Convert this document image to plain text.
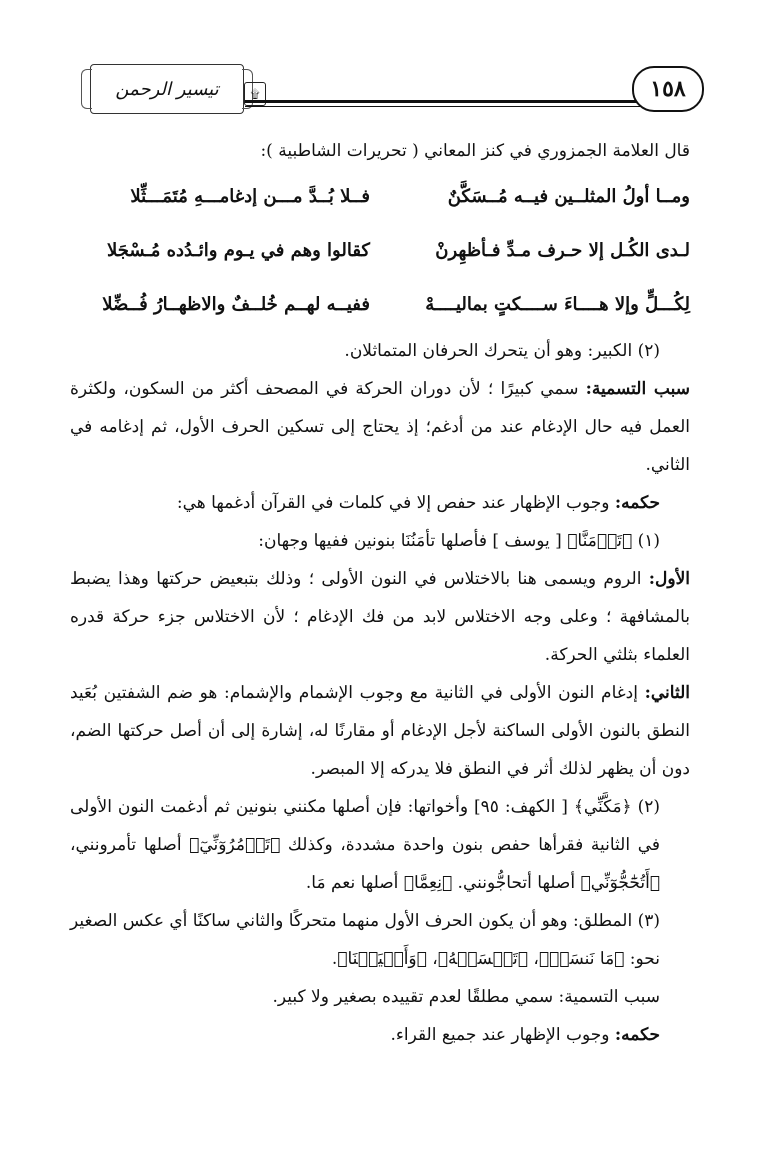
تيسير الرحمن	۩	١٥٨

قال العلامة الجمزوري في كنز المعاني ( تحريرات الشاطبية ):

ومــا أولُ المثلــين فيــه مُــسَكَّنٌ
فــلا بُــدَّ مـــن إدغامـــهِ مُتَمَـــثِّلا
لـدى الكُـل إلا حـرف مـدِّ فـأظهِرنْ
كقالوا وهم في يـوم وائـدُده مُـسْجَلا
لِكُـــلٍّ وإلا هــــاءَ ســــكتٍ بماليــــهْ
ففيــه لهــم خُلــفٌ والاظهــارُ فُــضِّلا

(٢) الكبير: وهو أن يتحرك الحرفان المتماثلان.

سبب التسمية: سمي كبيرًا ؛ لأن دوران الحركة في المصحف أكثر من السكون، ولكثرة العمل فيه حال الإدغام عند من أدغم؛ إذ يحتاج إلى تسكين الحرف الأول، ثم إدغامه في الثاني.

حكمه: وجوب الإظهار عند حفص إلا في كلمات في القرآن أدغمها هي:

(١) ﴿تَأۡمَنَّا﴾ [ يوسف ] فأصلها تأمَنُنَا بنونين ففيها وجهان:

الأول: الروم ويسمى هنا بالاختلاس في النون الأولى ؛ وذلك بتبعيض حركتها وهذا يضبط بالمشافهة ؛ وعلى وجه الاختلاس لابد من فك الإدغام ؛ لأن الاختلاس جزء حركة قدره العلماء بثلثي الحركة.

الثاني: إدغام النون الأولى في الثانية مع وجوب الإشمام والإشمام: هو ضم الشفتين بُعَيد النطق بالنون الأولى الساكنة لأجل الإدغام أو مقارنًا له، إشارة إلى أن أصل حركتها الضم، دون أن يظهر لذلك أثر في النطق فلا يدركه إلا المبصر.

(٢) ﴿مَكَّنِّي﴾ [ الكهف: ٩٥] وأخواتها: فإن أصلها مكنني بنونين ثم أدغمت النون الأولى في الثانية فقرأها حفص بنون واحدة مشددة، وكذلك ﴿تَأۡمُرُوٓنِّيٓ﴾ أصلها تأمرونني، ﴿أَتُحَٰٓجُّوٓنِّي﴾ أصلها أتحاجُّونني. ﴿نِعِمَّا﴾ أصلها نعم مَا.

(٣) المطلق: وهو أن يكون الحرف الأول منهما متحركًا والثاني ساكنًا أي عكس الصغير نحو: ﴿مَا نَنسَخۡ﴾، ﴿تَمۡسَسۡهُ﴾، ﴿وَأَحۡيَيۡنَا﴾.

سبب التسمية: سمي مطلقًا لعدم تقييده بصغير ولا كبير.

حكمه: وجوب الإظهار عند جميع القراء.
